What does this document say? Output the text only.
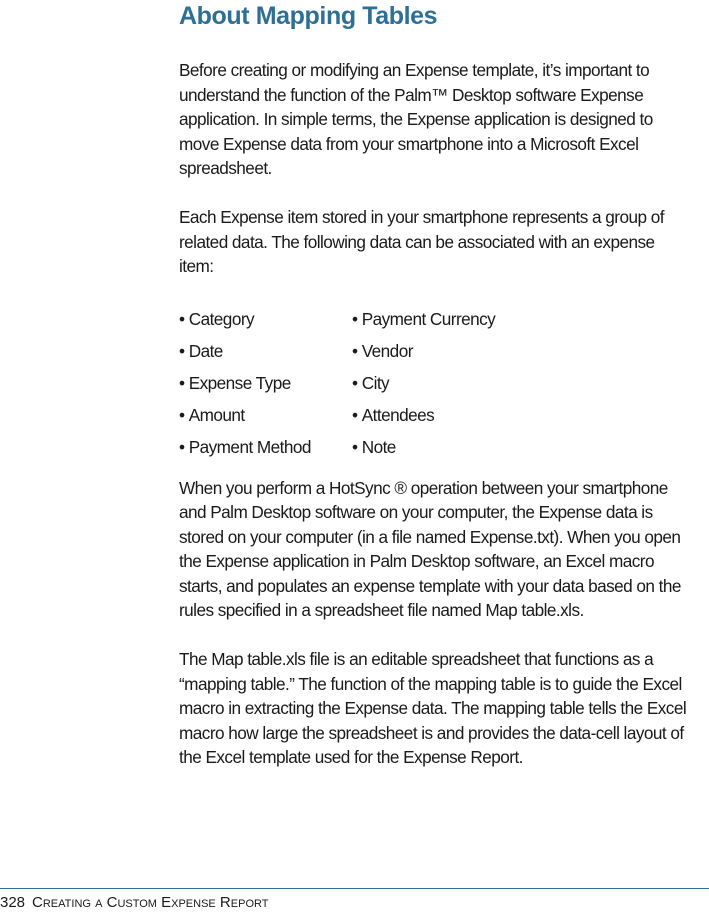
About Mapping Tables

Before creating or modifying an Expense template, it’s important to understand the function of the Palm™ Desktop software Expense application. In simple terms, the Expense application is designed to move Expense data from your smartphone into a Microsoft Excel spreadsheet.

Each Expense item stored in your smartphone represents a group of related data. The following data can be associated with an expense item:

• Category	• Payment Currency
• Date	• Vendor
• Expense Type	• City
• Amount	• Attendees
• Payment Method	• Note

When you perform a HotSync ® operation between your smartphone and Palm Desktop software on your computer, the Expense data is stored on your computer (in a file named Expense.txt). When you open the Expense application in Palm Desktop software, an Excel macro starts, and populates an expense template with your data based on the rules specified in a spreadsheet file named Map table.xls.

The Map table.xls file is an editable spreadsheet that functions as a “mapping table.” The function of the mapping table is to guide the Excel macro in extracting the Expense data. The mapping table tells the Excel macro how large the spreadsheet is and provides the data-cell layout of the Excel template used for the Expense Report.

328 Creating a Custom Expense Report
